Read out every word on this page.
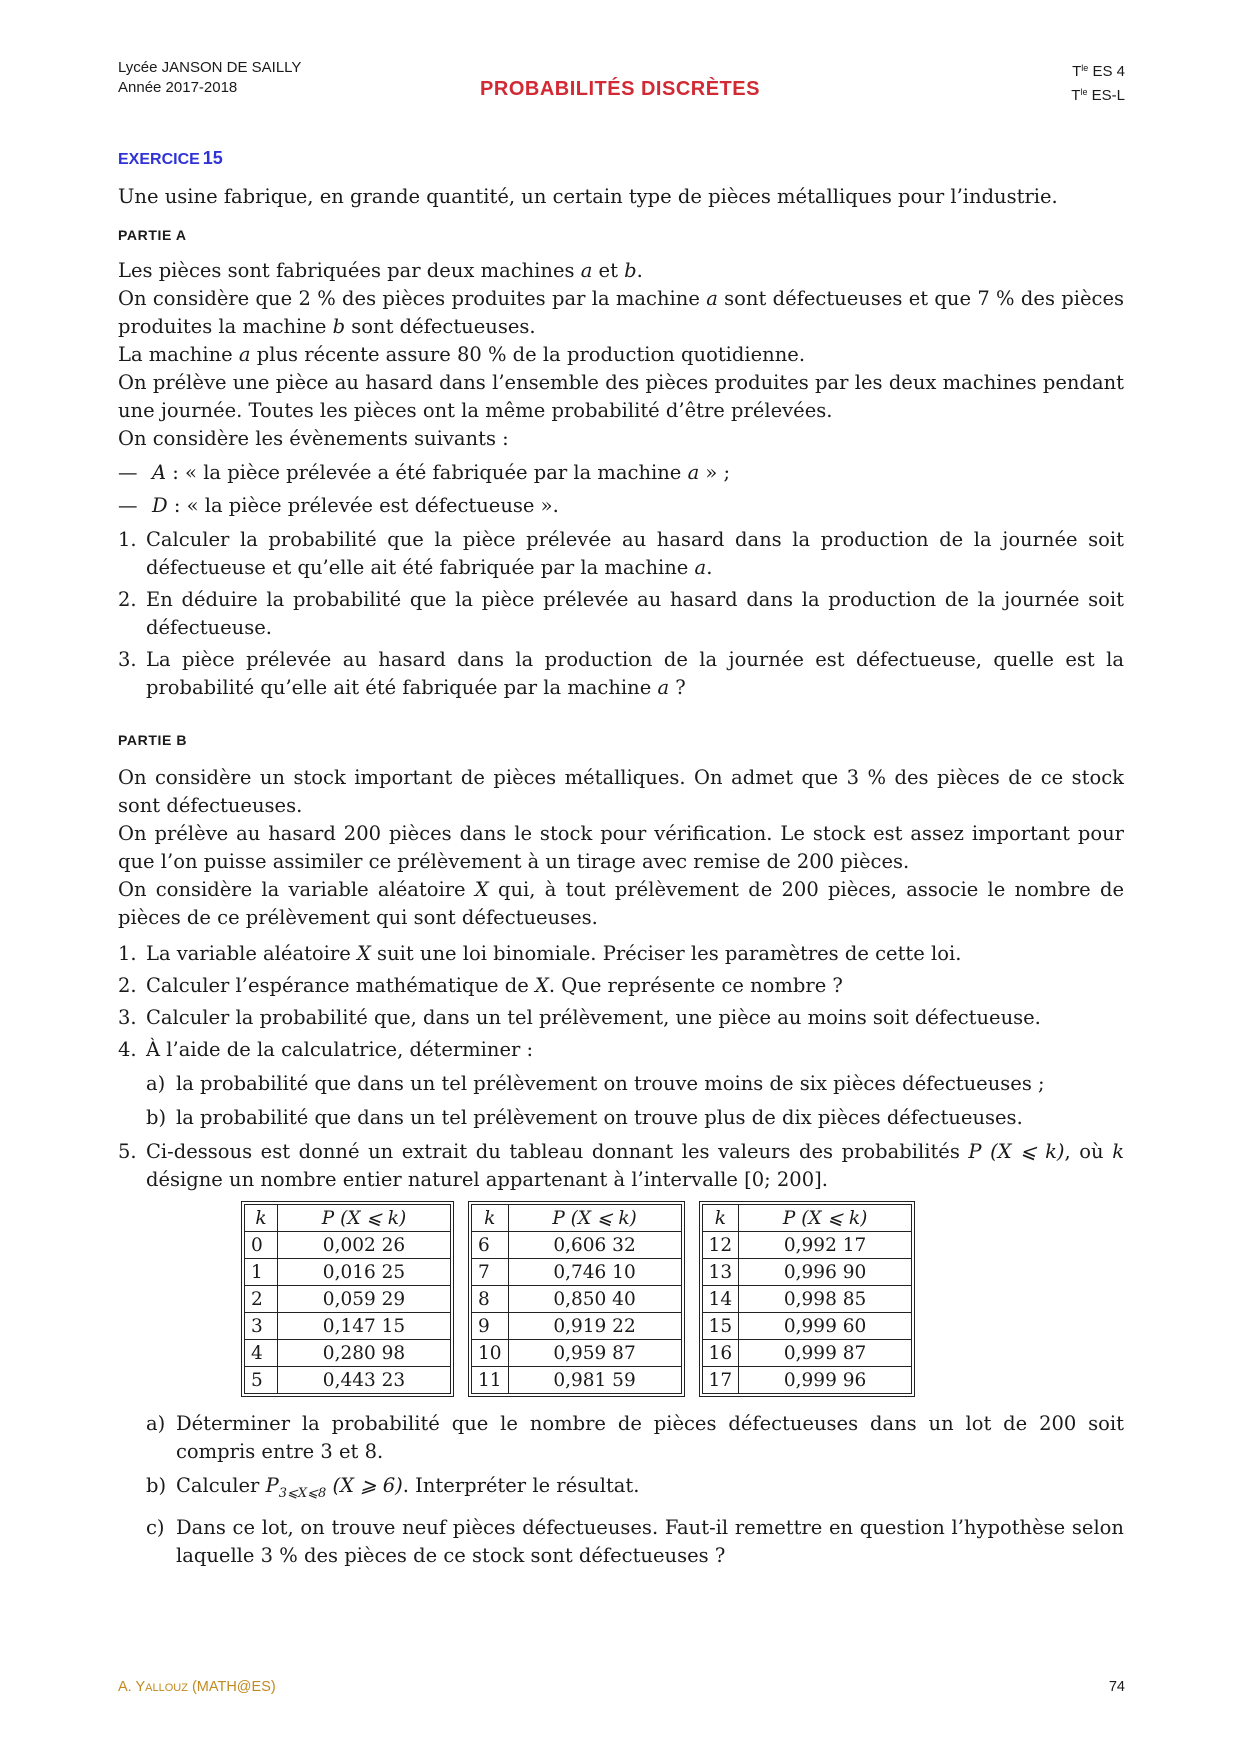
Lycée JANSON DE SAILLY
Année 2017-2018	PROBABILITÉS DISCRÈTES
$T^{le}$ ES 4
$T^{le}$ ES-L
EXERCICE 15

Une usine fabrique, en grande quantité, un certain type de pièces métalliques pour l’industrie.

PARTIE A

Les pièces sont fabriquées par deux machines a et b.

On considère que 2 % des pièces produites par la machine a sont défectueuses et que 7 % des pièces produites la machine b sont défectueuses.

La machine a plus récente assure 80 % de la production quotidienne.

On prélève une pièce au hasard dans l’ensemble des pièces produites par les deux machines pendant une journée. Toutes les pièces ont la même probabilité d’être prélevées.

On considère les évènements suivants :

— A : « la pièce prélevée a été fabriquée par la machine a » ;
— D : « la pièce prélevée est défectueuse ».
1. Calculer la probabilité que la pièce prélevée au hasard dans la production de la journée soit défectueuse et qu’elle ait été fabriquée par la machine a.
2. En déduire la probabilité que la pièce prélevée au hasard dans la production de la journée soit défectueuse.
3. La pièce prélevée au hasard dans la production de la journée est défectueuse, quelle est la probabilité qu’elle ait été fabriquée par la machine a ?

PARTIE B

On considère un stock important de pièces métalliques. On admet que 3 % des pièces de ce stock sont défectueuses.

On prélève au hasard 200 pièces dans le stock pour vérification. Le stock est assez important pour que l’on puisse assimiler ce prélèvement à un tirage avec remise de 200 pièces.

On considère la variable aléatoire X qui, à tout prélèvement de 200 pièces, associe le nombre de pièces de ce prélèvement qui sont défectueuses.

1. La variable aléatoire X suit une loi binomiale. Préciser les paramètres de cette loi.
2. Calculer l’espérance mathématique de X. Que représente ce nombre ?
3. Calculer la probabilité que, dans un tel prélèvement, une pièce au moins soit défectueuse.
4. À l’aide de la calculatrice, déterminer :
a) la probabilité que dans un tel prélèvement on trouve moins de six pièces défectueuses ;
b) la probabilité que dans un tel prélèvement on trouve plus de dix pièces défectueuses.
5. Ci-dessous est donné un extrait du tableau donnant les valeurs des probabilités P (X ⩽ k), où k désigne un nombre entier naturel appartenant à l’intervalle [0; 200].
k	P (X ⩽ k)
0	0,002 26
1	0,016 25
2	0,059 29
3	0,147 15
4	0,280 98
5	0,443 23
k	P (X ⩽ k)
6	0,606 32
7	0,746 10
8	0,850 40
9	0,919 22
10	0,959 87
11	0,981 59
k	P (X ⩽ k)
12	0,992 17
13	0,996 90
14	0,998 85
15	0,999 60
16	0,999 87
17	0,999 96
a) Déterminer la probabilité que le nombre de pièces défectueuses dans un lot de 200 soit compris entre 3 et 8.
b) Calculer $P_{3⩽X⩽8}$ (X ⩾ 6). Interpréter le résultat.
c) Dans ce lot, on trouve neuf pièces défectueuses. Faut-il remettre en question l’hypothèse selon laquelle 3 % des pièces de ce stock sont défectueuses ?
A. YALLOUZ (MATH@ES)	74
